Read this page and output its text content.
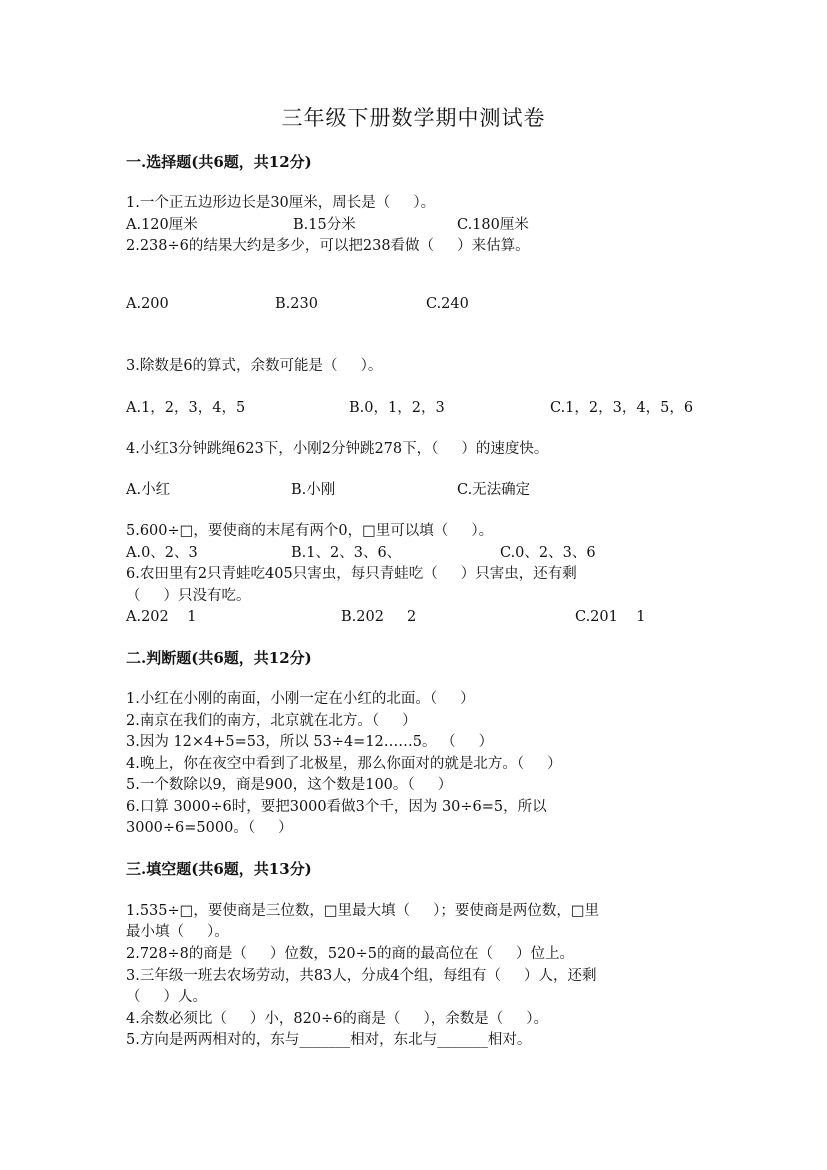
三年级下册数学期中测试卷
一.选择题(共6题，共12分)
1.一个正五边形边长是30厘米，周长是（     ）。
A.120厘米	B.15分米	C.180厘米
2.238÷6的结果大约是多少，可以把238看做（     ）来估算。
A.200	B.230	C.240
3.除数是6的算式，余数可能是（     ）。
A.1，2，3，4，5	B.0，1，2，3	C.1，2，3，4，5，6
4.小红3分钟跳绳623下，小刚2分钟跳278下，（     ）的速度快。
A.小红	B.小刚	C.无法确定
5.600÷□，要使商的末尾有两个0，□里可以填（     ）。
A.0、2、3	B.1、2、3、6、	C.0、2、3、6
6.农田里有2只青蛙吃405只害虫，每只青蛙吃（     ）只害虫，还有剩
（     ）只没有吃。
A.202    1	B.202     2	C.201    1
二.判断题(共6题，共12分)
1.小红在小刚的南面，小刚一定在小红的北面。（     ）
2.南京在我们的南方，北京就在北方。（     ）
3.因为 12×4+5=53，所以 53÷4=12……5。 （     ）
4.晚上，你在夜空中看到了北极星，那么你面对的就是北方。（     ）
5.一个数除以9，商是900，这个数是100。（     ）
6.口算 3000÷6时，要把3000看做3个千，因为 30÷6=5，所以
3000÷6=5000。（     ）
三.填空题(共6题，共13分)
1.535÷□，要使商是三位数，□里最大填（     ）；要使商是两位数，□里
最小填（     ）。
2.728÷8的商是（     ）位数，520÷5的商的最高位在（     ）位上。
3.三年级一班去农场劳动，共83人，分成4个组，每组有（     ）人，还剩
（     ）人。
4.余数必须比（     ）小，820÷6的商是（     ），余数是（     ）。
5.方向是两两相对的，东与_______相对，东北与_______相对。
